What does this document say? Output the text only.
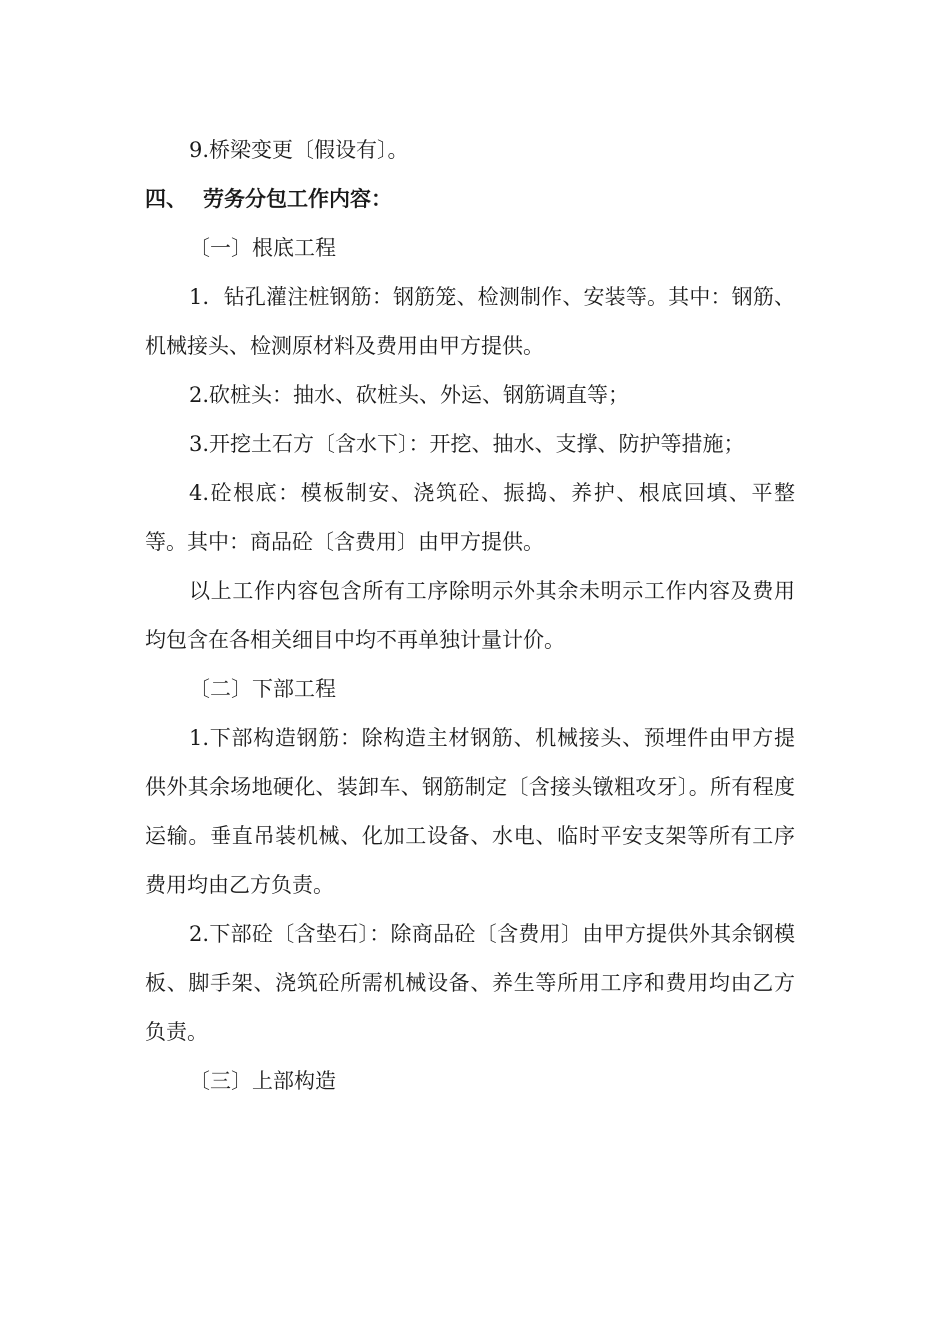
9.桥梁变更〔假设有〕。

四、 劳务分包工作内容：

〔一〕根底工程

1．钻孔灌注桩钢筋：钢筋笼、检测制作、安装等。其中：钢筋、机械接头、检测原材料及费用由甲方提供。

2.砍桩头：抽水、砍桩头、外运、钢筋调直等；

3.开挖土石方〔含水下〕：开挖、抽水、支撑、防护等措施；

4.砼根底：模板制安、浇筑砼、振捣、养护、根底回填、平整等。其中：商品砼〔含费用〕由甲方提供。

以上工作内容包含所有工序除明示外其余未明示工作内容及费用均包含在各相关细目中均不再单独计量计价。

〔二〕下部工程

1.下部构造钢筋：除构造主材钢筋、机械接头、预埋件由甲方提供外其余场地硬化、装卸车、钢筋制定〔含接头镦粗攻牙〕。所有程度运输。垂直吊装机械、化加工设备、水电、临时平安支架等所有工序费用均由乙方负责。

2.下部砼〔含垫石〕：除商品砼〔含费用〕由甲方提供外其余钢模板、脚手架、浇筑砼所需机械设备、养生等所用工序和费用均由乙方负责。

〔三〕上部构造
